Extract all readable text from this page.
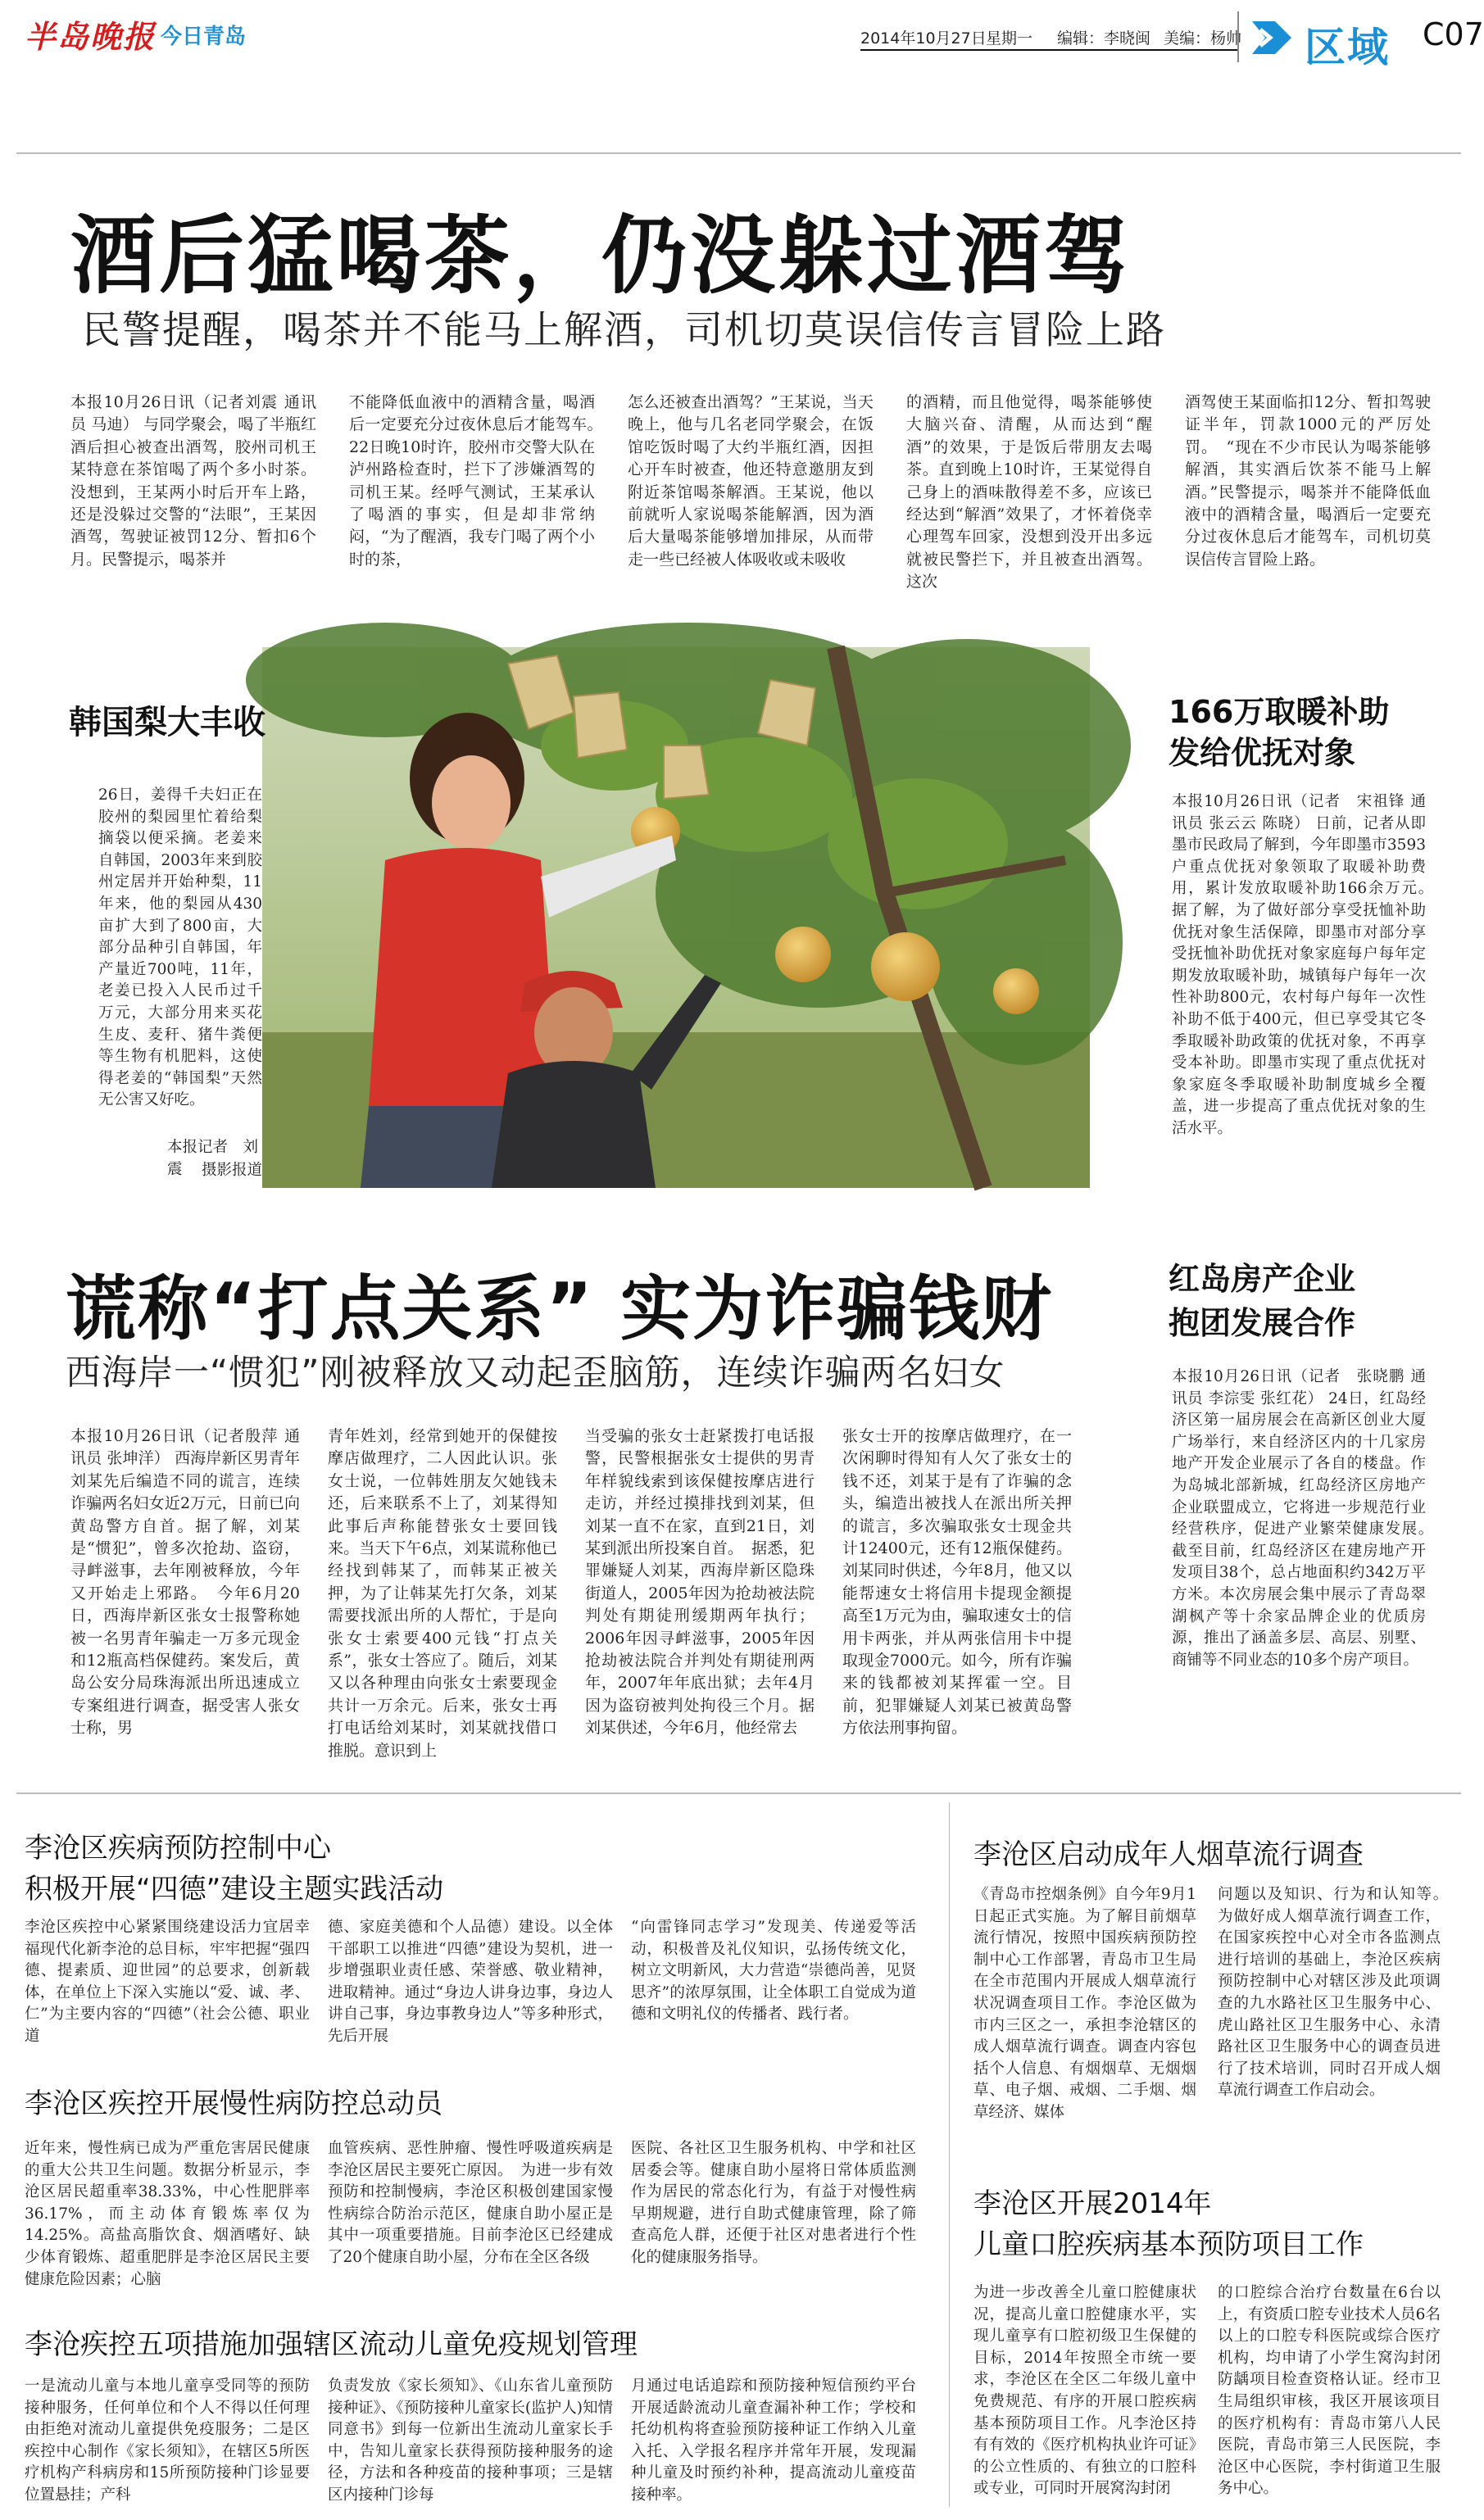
半岛晚报 今日青岛	2014年10月27日 星期一 编辑：李晓闽 美编：杨帅 区域 C07
酒后猛喝茶，仍没躲过酒驾
民警提醒，喝茶并不能马上解酒，司机切莫误信传言冒险上路
本报10月26日讯（记者刘震 通讯员 马迪） 与同学聚会，喝了半瓶红酒后担心被查出酒驾，胶州司机王某特意在茶馆喝了两个多小时茶。没想到，王某两小时后开车上路，还是没躲过交警的“法眼”，王某因酒驾，驾驶证被罚12分、暂扣6个月。民警提示，喝茶并
不能降低血液中的酒精含量，喝酒后一定要充分过夜休息后才能驾车。　22日晚10时许，胶州市交警大队在泸州路检查时，拦下了涉嫌酒驾的司机王某。经呼气测试，王某承认了喝酒的事实，但是却非常纳闷，“为了醒酒，我专门喝了两个小时的茶，
怎么还被查出酒驾？”王某说，当天晚上，他与几名老同学聚会，在饭馆吃饭时喝了大约半瓶红酒，因担心开车时被查，他还特意邀朋友到附近茶馆喝茶解酒。王某说，他以前就听人家说喝茶能解酒，因为酒后大量喝茶能够增加排尿，从而带走一些已经被人体吸收或未吸收
的酒精，而且他觉得，喝茶能够使大脑兴奋、清醒，从而达到“醒酒”的效果，于是饭后带朋友去喝茶。直到晚上10时许，王某觉得自己身上的酒味散得差不多，应该已经达到“解酒”效果了，才怀着侥幸心理驾车回家，没想到没开出多远就被民警拦下，并且被查出酒驾。这次
酒驾使王某面临扣12分、暂扣驾驶证半年，罚款1000元的严厉处罚。　“现在不少市民认为喝茶能够解酒，其实酒后饮茶不能马上解酒。”民警提示，喝茶并不能降低血液中的酒精含量，喝酒后一定要充分过夜休息后才能驾车，司机切莫误信传言冒险上路。
韩国梨大丰收
26日，姜得千夫妇正在胶州的梨园里忙着给梨摘袋以便采摘。老姜来自韩国，2003年来到胶州定居并开始种梨，11年来，他的梨园从430亩扩大到了800亩，大部分品种引自韩国，年产量近700吨，11年，老姜已投入人民币过千万元，大部分用来买花生皮、麦秆、猪牛粪便等生物有机肥料，这使得老姜的“韩国梨”天然无公害又好吃。
本报记者　刘震	摄影报道
166万取暖补助
发给优抚对象
本报10月26日讯（记者　宋祖锋 通讯员 张云云 陈晓） 日前，记者从即墨市民政局了解到，今年即墨市3593户重点优抚对象领取了取暖补助费用，累计发放取暖补助166余万元。　据了解，为了做好部分享受抚恤补助优抚对象生活保障，即墨市对部分享受抚恤补助优抚对象家庭每户每年定期发放取暖补助，城镇每户每年一次性补助800元，农村每户每年一次性补助不低于400元，但已享受其它冬季取暖补助政策的优抚对象，不再享受本补助。即墨市实现了重点优抚对象家庭冬季取暖补助制度城乡全覆盖，进一步提高了重点优抚对象的生活水平。
谎称“打点关系” 实为诈骗钱财
西海岸一“惯犯”刚被释放又动起歪脑筋，连续诈骗两名妇女
本报10月26日讯（记者殷萍 通讯员 张坤洋） 西海岸新区男青年刘某先后编造不同的谎言，连续诈骗两名妇女近2万元，日前已向黄岛警方自首。据了解，刘某是“惯犯”，曾多次抢劫、盗窃，寻衅滋事，去年刚被释放，今年又开始走上邪路。　今年6月20日，西海岸新区张女士报警称她被一名男青年骗走一万多元现金和12瓶高档保健药。案发后，黄岛公安分局珠海派出所迅速成立专案组进行调查，据受害人张女士称，男
青年姓刘，经常到她开的保健按摩店做理疗，二人因此认识。张女士说，一位韩姓朋友欠她钱未还，后来联系不上了，刘某得知此事后声称能替张女士要回钱来。当天下午6点，刘某谎称他已经找到韩某了，而韩某正被关押，为了让韩某先打欠条，刘某需要找派出所的人帮忙，于是向张女士索要400元钱“打点关系”，张女士答应了。随后，刘某又以各种理由向张女士索要现金共计一万余元。后来，张女士再打电话给刘某时，刘某就找借口推脱。意识到上
当受骗的张女士赶紧拨打电话报警，民警根据张女士提供的男青年样貌线索到该保健按摩店进行走访，并经过摸排找到刘某，但刘某一直不在家，直到21日，刘某到派出所投案自首。　据悉，犯罪嫌疑人刘某，西海岸新区隐珠街道人，2005年因为抢劫被法院判处有期徒刑缓期两年执行；2006年因寻衅滋事，2005年因抢劫被法院合并判处有期徒刑两年，2007年年底出狱；去年4月因为盗窃被判处拘役三个月。据刘某供述，今年6月，他经常去
张女士开的按摩店做理疗，在一次闲聊时得知有人欠了张女士的钱不还，刘某于是有了诈骗的念头，编造出被找人在派出所关押的谎言，多次骗取张女士现金共计12400元，还有12瓶保健药。刘某同时供述，今年8月，他又以能帮速女士将信用卡提现金额提高至1万元为由，骗取速女士的信用卡两张，并从两张信用卡中提取现金7000元。如今，所有诈骗来的钱都被刘某挥霍一空。目前，犯罪嫌疑人刘某已被黄岛警方依法刑事拘留。
红岛房产企业
抱团发展合作
本报10月26日讯（记者　张晓鹏 通讯员 李淙雯 张红花） 24日，红岛经济区第一届房展会在高新区创业大厦广场举行，来自经济区内的十几家房地产开发企业展示了各自的楼盘。作为岛城北部新城，红岛经济区房地产企业联盟成立，它将进一步规范行业经营秩序，促进产业繁荣健康发展。　截至目前，红岛经济区在建房地产开发项目38个，总占地面积约342万平方米。本次房展会集中展示了青岛翠湖枫产等十余家品牌企业的优质房源，推出了涵盖多层、高层、别墅、商铺等不同业态的10多个房产项目。
李沧区疾病预防控制中心
积极开展“四德”建设主题实践活动
李沧区疾控中心紧紧围绕建设活力宜居幸福现代化新李沧的总目标，牢牢把握“强四德、提素质、迎世园”的总要求，创新载体，在单位上下深入实施以“爱、诚、孝、仁”为主要内容的“四德”（社会公德、职业道
德、家庭美德和个人品德）建设。以全体干部职工以推进“四德”建设为契机，进一步增强职业责任感、荣誉感、敬业精神，进取精神。通过“身边人讲身边事，身边人讲自己事，身边事教身边人”等多种形式，先后开展
“向雷锋同志学习”发现美、传递爱等活动，积极普及礼仪知识，弘扬传统文化，树立文明新风，大力营造“崇德尚善，见贤思齐”的浓厚氛围，让全体职工自觉成为道德和文明礼仪的传播者、践行者。
李沧区疾控开展慢性病防控总动员
近年来，慢性病已成为严重危害居民健康的重大公共卫生问题。数据分析显示，李沧区居民超重率38.33%，中心性肥胖率36.17%，而主动体育锻炼率仅为14.25%。高盐高脂饮食、烟酒嗜好、缺少体育锻炼、超重肥胖是李沧区居民主要健康危险因素；心脑
血管疾病、恶性肿瘤、慢性呼吸道疾病是李沧区居民主要死亡原因。　为进一步有效预防和控制慢病，李沧区积极创建国家慢性病综合防治示范区，健康自助小屋正是其中一项重要措施。目前李沧区已经建成了20个健康自助小屋，分布在全区各级
医院、各社区卫生服务机构、中学和社区居委会等。健康自助小屋将日常体质监测作为居民的常态化行为，有益于对慢性病早期规避，进行自助式健康管理，除了筛查高危人群，还便于社区对患者进行个性化的健康服务指导。
李沧疾控五项措施加强辖区流动儿童免疫规划管理
一是流动儿童与本地儿童享受同等的预防接种服务，任何单位和个人不得以任何理由拒绝对流动儿童提供免疫服务；二是区疾控中心制作《家长须知》，在辖区5所医疗机构产科病房和15所预防接种门诊显要位置悬挂；产科
负责发放《家长须知》、《山东省儿童预防接种证》、《预防接种儿童家长(监护人)知情同意书》到每一位新出生流动儿童家长手中，告知儿童家长获得预防接种服务的途径，方法和各种疫苗的接种事项；三是辖区内接种门诊每
月通过电话追踪和预防接种短信预约平台开展适龄流动儿童查漏补种工作；学校和托幼机构将查验预防接种证工作纳入儿童入托、入学报名程序并常年开展，发现漏种儿童及时预约补种，提高流动儿童疫苗接种率。
李沧区启动成年人烟草流行调查
《青岛市控烟条例》自今年9月1日起正式实施。为了解目前烟草流行情况，按照中国疾病预防控制中心工作部署，青岛市卫生局在全市范围内开展成人烟草流行状况调查项目工作。李沧区做为市内三区之一，承担李沧辖区的成人烟草流行调查。调查内容包括个人信息、有烟烟草、无烟烟草、电子烟、戒烟、二手烟、烟草经济、媒体
问题以及知识、行为和认知等。　为做好成人烟草流行调查工作，在国家疾控中心对全市各监测点进行培训的基础上，李沧区疾病预防控制中心对辖区涉及此项调查的九水路社区卫生服务中心、虎山路社区卫生服务中心、永清路社区卫生服务中心的调查员进行了技术培训，同时召开成人烟草流行调查工作启动会。
李沧区开展2014年
儿童口腔疾病基本预防项目工作
为进一步改善全儿童口腔健康状况，提高儿童口腔健康水平，实现儿童享有口腔初级卫生保健的目标，2014年按照全市统一要求，李沧区在全区二年级儿童中免费规范、有序的开展口腔疾病基本预防项目工作。凡李沧区持有有效的《医疗机构执业许可证》的公立性质的、有独立的口腔科或专业，可同时开展窝沟封闭
的口腔综合治疗台数量在6台以上，有资质口腔专业技术人员6名以上的口腔专科医院或综合医疗机构，均申请了小学生窝沟封闭防龋项目检查资格认证。经市卫生局组织审核，我区开展该项目的医疗机构有：青岛市第八人民医院，青岛市第三人民医院，李沧区中心医院，李村街道卫生服务中心。
